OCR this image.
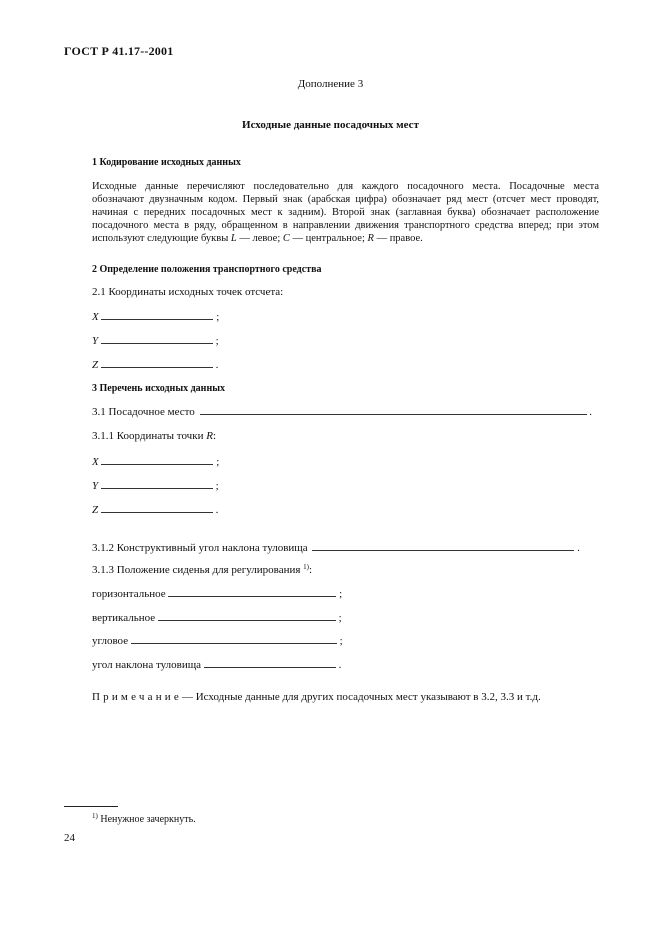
ГОСТ Р 41.17--2001
Дополнение 3
Исходные данные посадочных мест
1 Кодирование исходных данных
Исходные данные перечисляют последовательно для каждого посадочного места. Посадочные места обозначают двузначным кодом. Первый знак (арабская цифра) обозначает ряд мест (отсчет мест проводят, начиная с передних посадочных мест к задним). Второй знак (заглавная буква) обозначает расположение посадочного места в ряду, обращенном в направлении движения транспортного средства вперед; при этом используют следующие буквы L — левое; C — центральное; R — правое.
2 Определение положения транспортного средства
2.1 Координаты исходных точек отсчета:
X	;
Y	;
Z	.
3 Перечень исходных данных
3.1 Посадочное место	.
3.1.1 Координаты точки R:
X	;
Y	;
Z	.
3.1.2 Конструктивный угол наклона туловища	.
3.1.3 Положение сиденья для регулирования $^{1)}$:
горизонтальное	;
вертикальное	;
угловое	;
угол наклона туловища	.
Примечание— Исходные данные для других посадочных мест указывают в 3.2, 3.3 и т.д.
$^{1)}$ Ненужное зачеркнуть.
24
